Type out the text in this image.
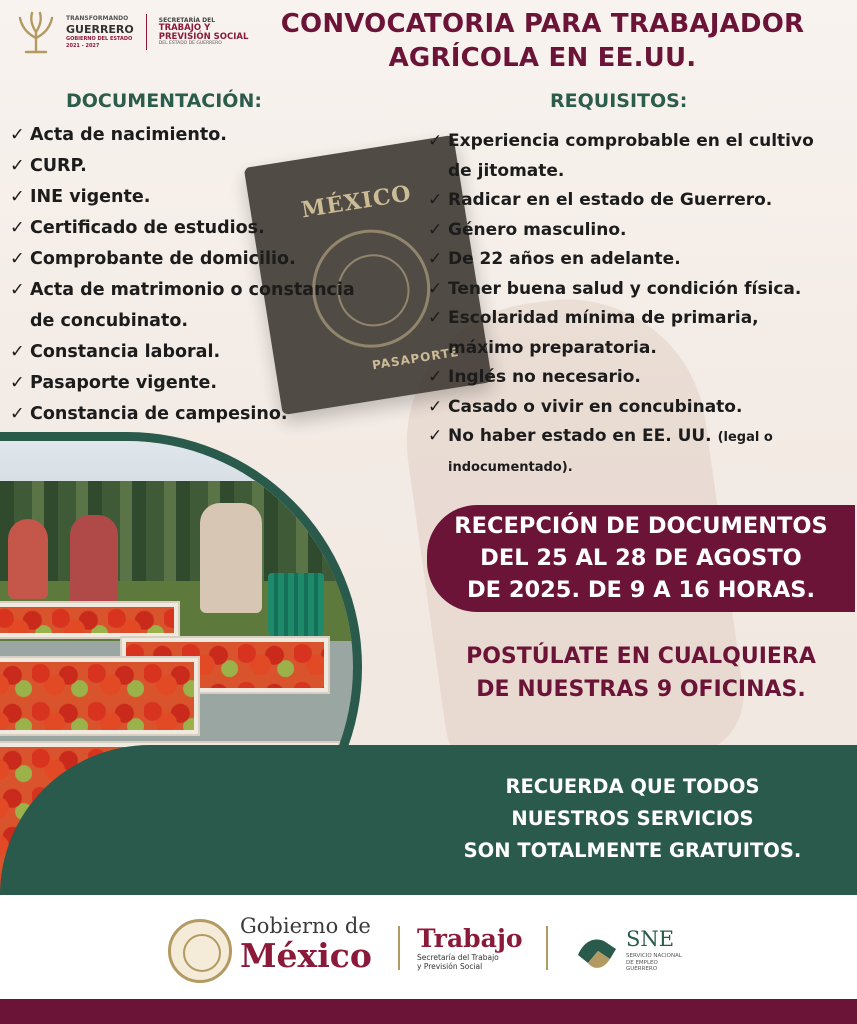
MÉXICO
PASAPORTE
TRANSFORMANDO
GUERRERO
GOBIERNO DEL ESTADO
2021 - 2027
SECRETARÍA DEL
TRABAJO Y
PREVISIÓN SOCIAL
DEL ESTADO DE GUERRERO
CONVOCATORIA PARA TRABAJADOR
AGRÍCOLA EN EE.UU.
DOCUMENTACIÓN:
✓ Acta de nacimiento.
✓ CURP.
✓ INE vigente.
✓ Certificado de estudios.
✓ Comprobante de domicilio.
✓ Acta de matrimonio o constancia
de concubinato.
✓ Constancia laboral.
✓ Pasaporte vigente.
✓ Constancia de campesino.
REQUISITOS:
✓ Experiencia comprobable en el cultivo
de jitomate.
✓ Radicar en el estado de Guerrero.
✓ Género masculino.
✓ De 22 años en adelante.
✓ Tener buena salud y condición física.
✓ Escolaridad mínima de primaria,
máximo preparatoria.
✓ Inglés no necesario.
✓ Casado o vivir en concubinato.
✓ No haber estado en EE. UU. (legal o
indocumentado).
RECEPCIÓN DE DOCUMENTOS
DEL 25 AL 28 DE AGOSTO
DE 2025. DE 9 A 16 HORAS.
POSTÚLATE EN CUALQUIERA
DE NUESTRAS 9 OFICINAS.
RECUERDA QUE TODOS
NUESTROS SERVICIOS
SON TOTALMENTE GRATUITOS.
Gobierno de
México Trabajo
Secretaría del Trabajo
y Previsión Social
SNE
SERVICIO NACIONAL
DE EMPLEO
GUERRERO
